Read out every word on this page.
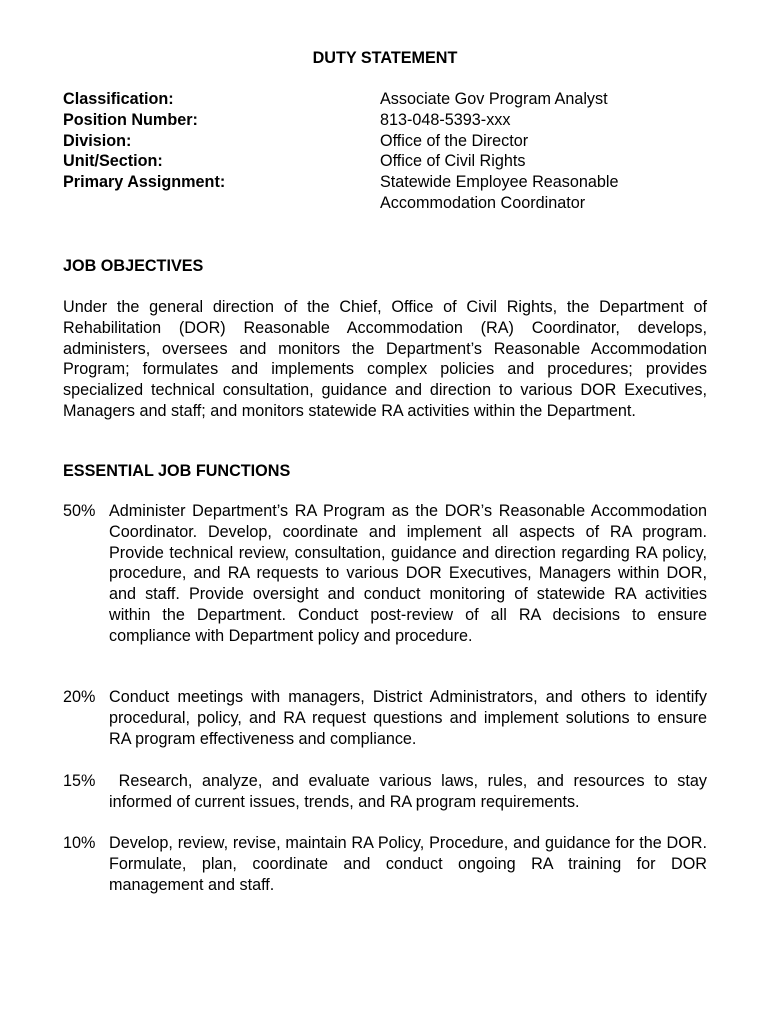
DUTY STATEMENT
Classification:	Associate Gov Program Analyst
Position Number:	813-048-5393-xxx
Division:	Office of the Director
Unit/Section:	Office of Civil Rights
Primary Assignment:	Statewide Employee Reasonable Accommodation Coordinator
JOB OBJECTIVES
Under the general direction of the Chief, Office of Civil Rights, the Department of Rehabilitation (DOR) Reasonable Accommodation (RA) Coordinator, develops, administers, oversees and monitors the Department’s Reasonable Accommodation Program; formulates and implements complex policies and procedures; provides specialized technical consultation, guidance and direction to various DOR Executives, Managers and staff; and monitors statewide RA activities within the Department.
ESSENTIAL JOB FUNCTIONS
50% Administer Department’s RA Program as the DOR’s Reasonable Accommodation Coordinator. Develop, coordinate and implement all aspects of RA program. Provide technical review, consultation, guidance and direction regarding RA policy, procedure, and RA requests to various DOR Executives, Managers within DOR, and staff. Provide oversight and conduct monitoring of statewide RA activities within the Department. Conduct post-review of all RA decisions to ensure compliance with Department policy and procedure.
20% Conduct meetings with managers, District Administrators, and others to identify procedural, policy, and RA request questions and implement solutions to ensure RA program effectiveness and compliance.
15% Research, analyze, and evaluate various laws, rules, and resources to stay informed of current issues, trends, and RA program requirements.
10% Develop, review, revise, maintain RA Policy, Procedure, and guidance for the DOR. Formulate, plan, coordinate and conduct ongoing RA training for DOR management and staff.
